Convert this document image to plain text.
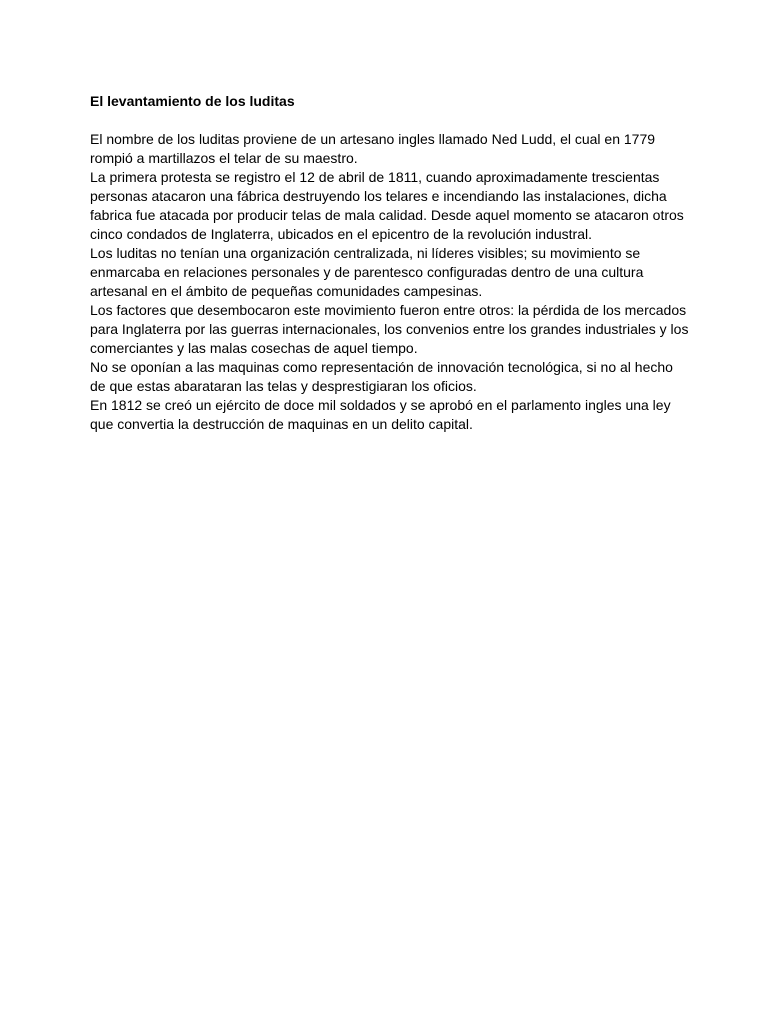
El levantamiento de los luditas

El nombre de los luditas proviene de un artesano ingles llamado Ned Ludd, el cual en 1779 rompió a martillazos el telar de su maestro.

La primera protesta se registro el 12 de abril de 1811, cuando aproximadamente trescientas personas atacaron una fábrica destruyendo los telares e incendiando las instalaciones, dicha fabrica fue atacada por producir telas de mala calidad. Desde aquel momento se atacaron otros cinco condados de Inglaterra, ubicados en el epicentro de la revolución industral.

Los luditas no tenían una organización centralizada, ni líderes visibles; su movimiento se enmarcaba en relaciones personales y de parentesco configuradas dentro de una cultura artesanal en el ámbito de pequeñas comunidades campesinas.

Los factores que desembocaron este movimiento fueron entre otros: la pérdida de los mercados para Inglaterra por las guerras internacionales, los convenios entre los grandes industriales y los comerciantes y las malas cosechas de aquel tiempo.

No se oponían a las maquinas como representación de innovación tecnológica, si no al hecho de que estas abarataran las telas y desprestigiaran los oficios.

En 1812 se creó un ejército de doce mil soldados y se aprobó en el parlamento ingles una ley que convertia la destrucción de maquinas en un delito capital.
